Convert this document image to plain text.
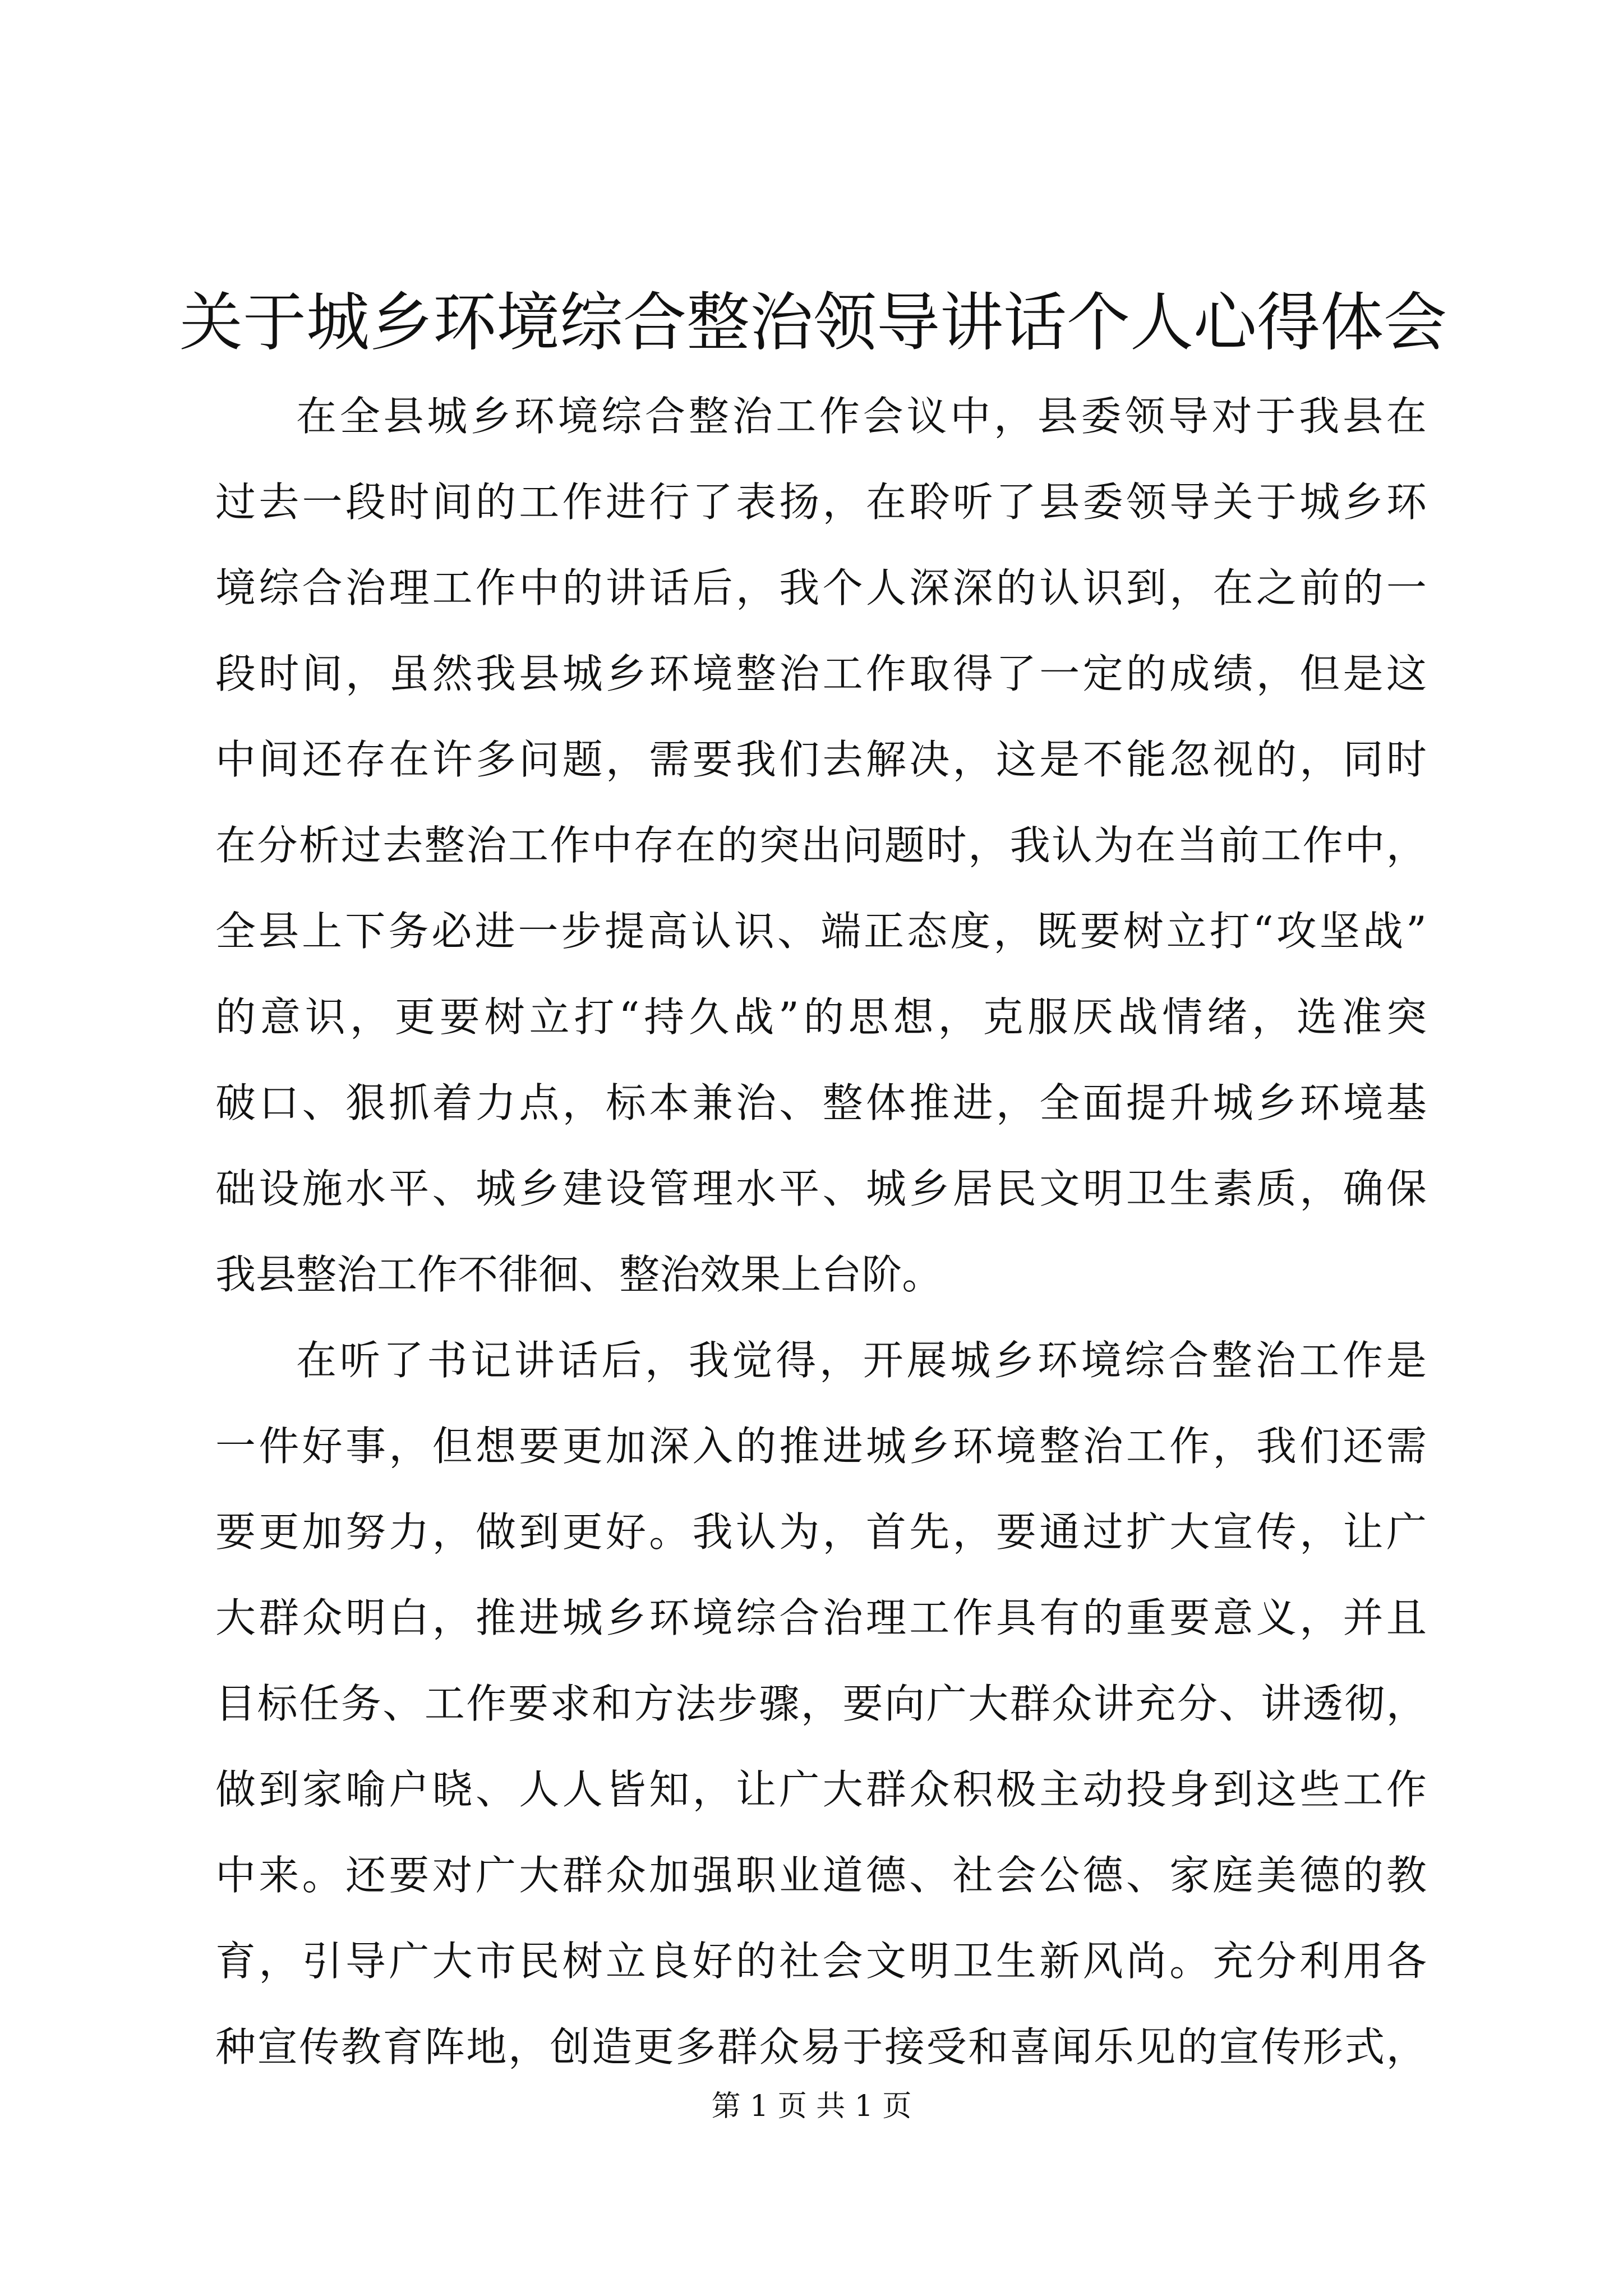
关于城乡环境综合整治领导讲话个人心得体会
在 全 县 城 乡 环 境 综 合 整 治 工 作 会 议 中 ， 县 委 领 导 对 于 我 县 在
过 去 一 段 时 间 的 工 作 进 行 了 表 扬 ， 在 聆 听 了 县 委 领 导 关 于 城 乡 环
境 综 合 治 理 工 作 中 的 讲 话 后 ， 我 个 人 深 深 的 认 识 到 ， 在 之 前 的 一
段 时 间 ， 虽 然 我 县 城 乡 环 境 整 治 工 作 取 得 了 一 定 的 成 绩 ， 但 是 这
中 间 还 存 在 许 多 问 题 ， 需 要 我 们 去 解 决 ， 这 是 不 能 忽 视 的 ， 同 时
在 分 析 过 去 整 治 工 作 中 存 在 的 突 出 问 题 时 ， 我 认 为 在 当 前 工 作 中 ，
全 县 上 下 务 必 进 一 步 提 高 认 识 、 端 正 态 度 ， 既 要 树 立 打 “ 攻 坚 战 ”
的 意 识 ， 更 要 树 立 打 “ 持 久 战 ” 的 思 想 ， 克 服 厌 战 情 绪 ， 选 准 突
破 口 、 狠 抓 着 力 点 ， 标 本 兼 治 、 整 体 推 进 ， 全 面 提 升 城 乡 环 境 基
础 设 施 水 平 、 城 乡 建 设 管 理 水 平 、 城 乡 居 民 文 明 卫 生 素 质 ， 确 保
我 县 整 治 工 作 不 徘 徊 、 整 治 效 果 上 台 阶 。
在 听 了 书 记 讲 话 后 ， 我 觉 得 ， 开 展 城 乡 环 境 综 合 整 治 工 作 是
一 件 好 事 ， 但 想 要 更 加 深 入 的 推 进 城 乡 环 境 整 治 工 作 ， 我 们 还 需
要 更 加 努 力 ， 做 到 更 好 。 我 认 为 ， 首 先 ， 要 通 过 扩 大 宣 传 ， 让 广
大 群 众 明 白 ， 推 进 城 乡 环 境 综 合 治 理 工 作 具 有 的 重 要 意 义 ， 并 且
目 标 任 务 、 工 作 要 求 和 方 法 步 骤 ， 要 向 广 大 群 众 讲 充 分 、 讲 透 彻 ，
做 到 家 喻 户 晓 、 人 人 皆 知 ， 让 广 大 群 众 积 极 主 动 投 身 到 这 些 工 作
中 来 。 还 要 对 广 大 群 众 加 强 职 业 道 德 、 社 会 公 德 、 家 庭 美 德 的 教
育 ， 引 导 广 大 市 民 树 立 良 好 的 社 会 文 明 卫 生 新 风 尚 。 充 分 利 用 各
种 宣 传 教 育 阵 地 ， 创 造 更 多 群 众 易 于 接 受 和 喜 闻 乐 见 的 宣 传 形 式 ，
第 1 页 共 1 页
